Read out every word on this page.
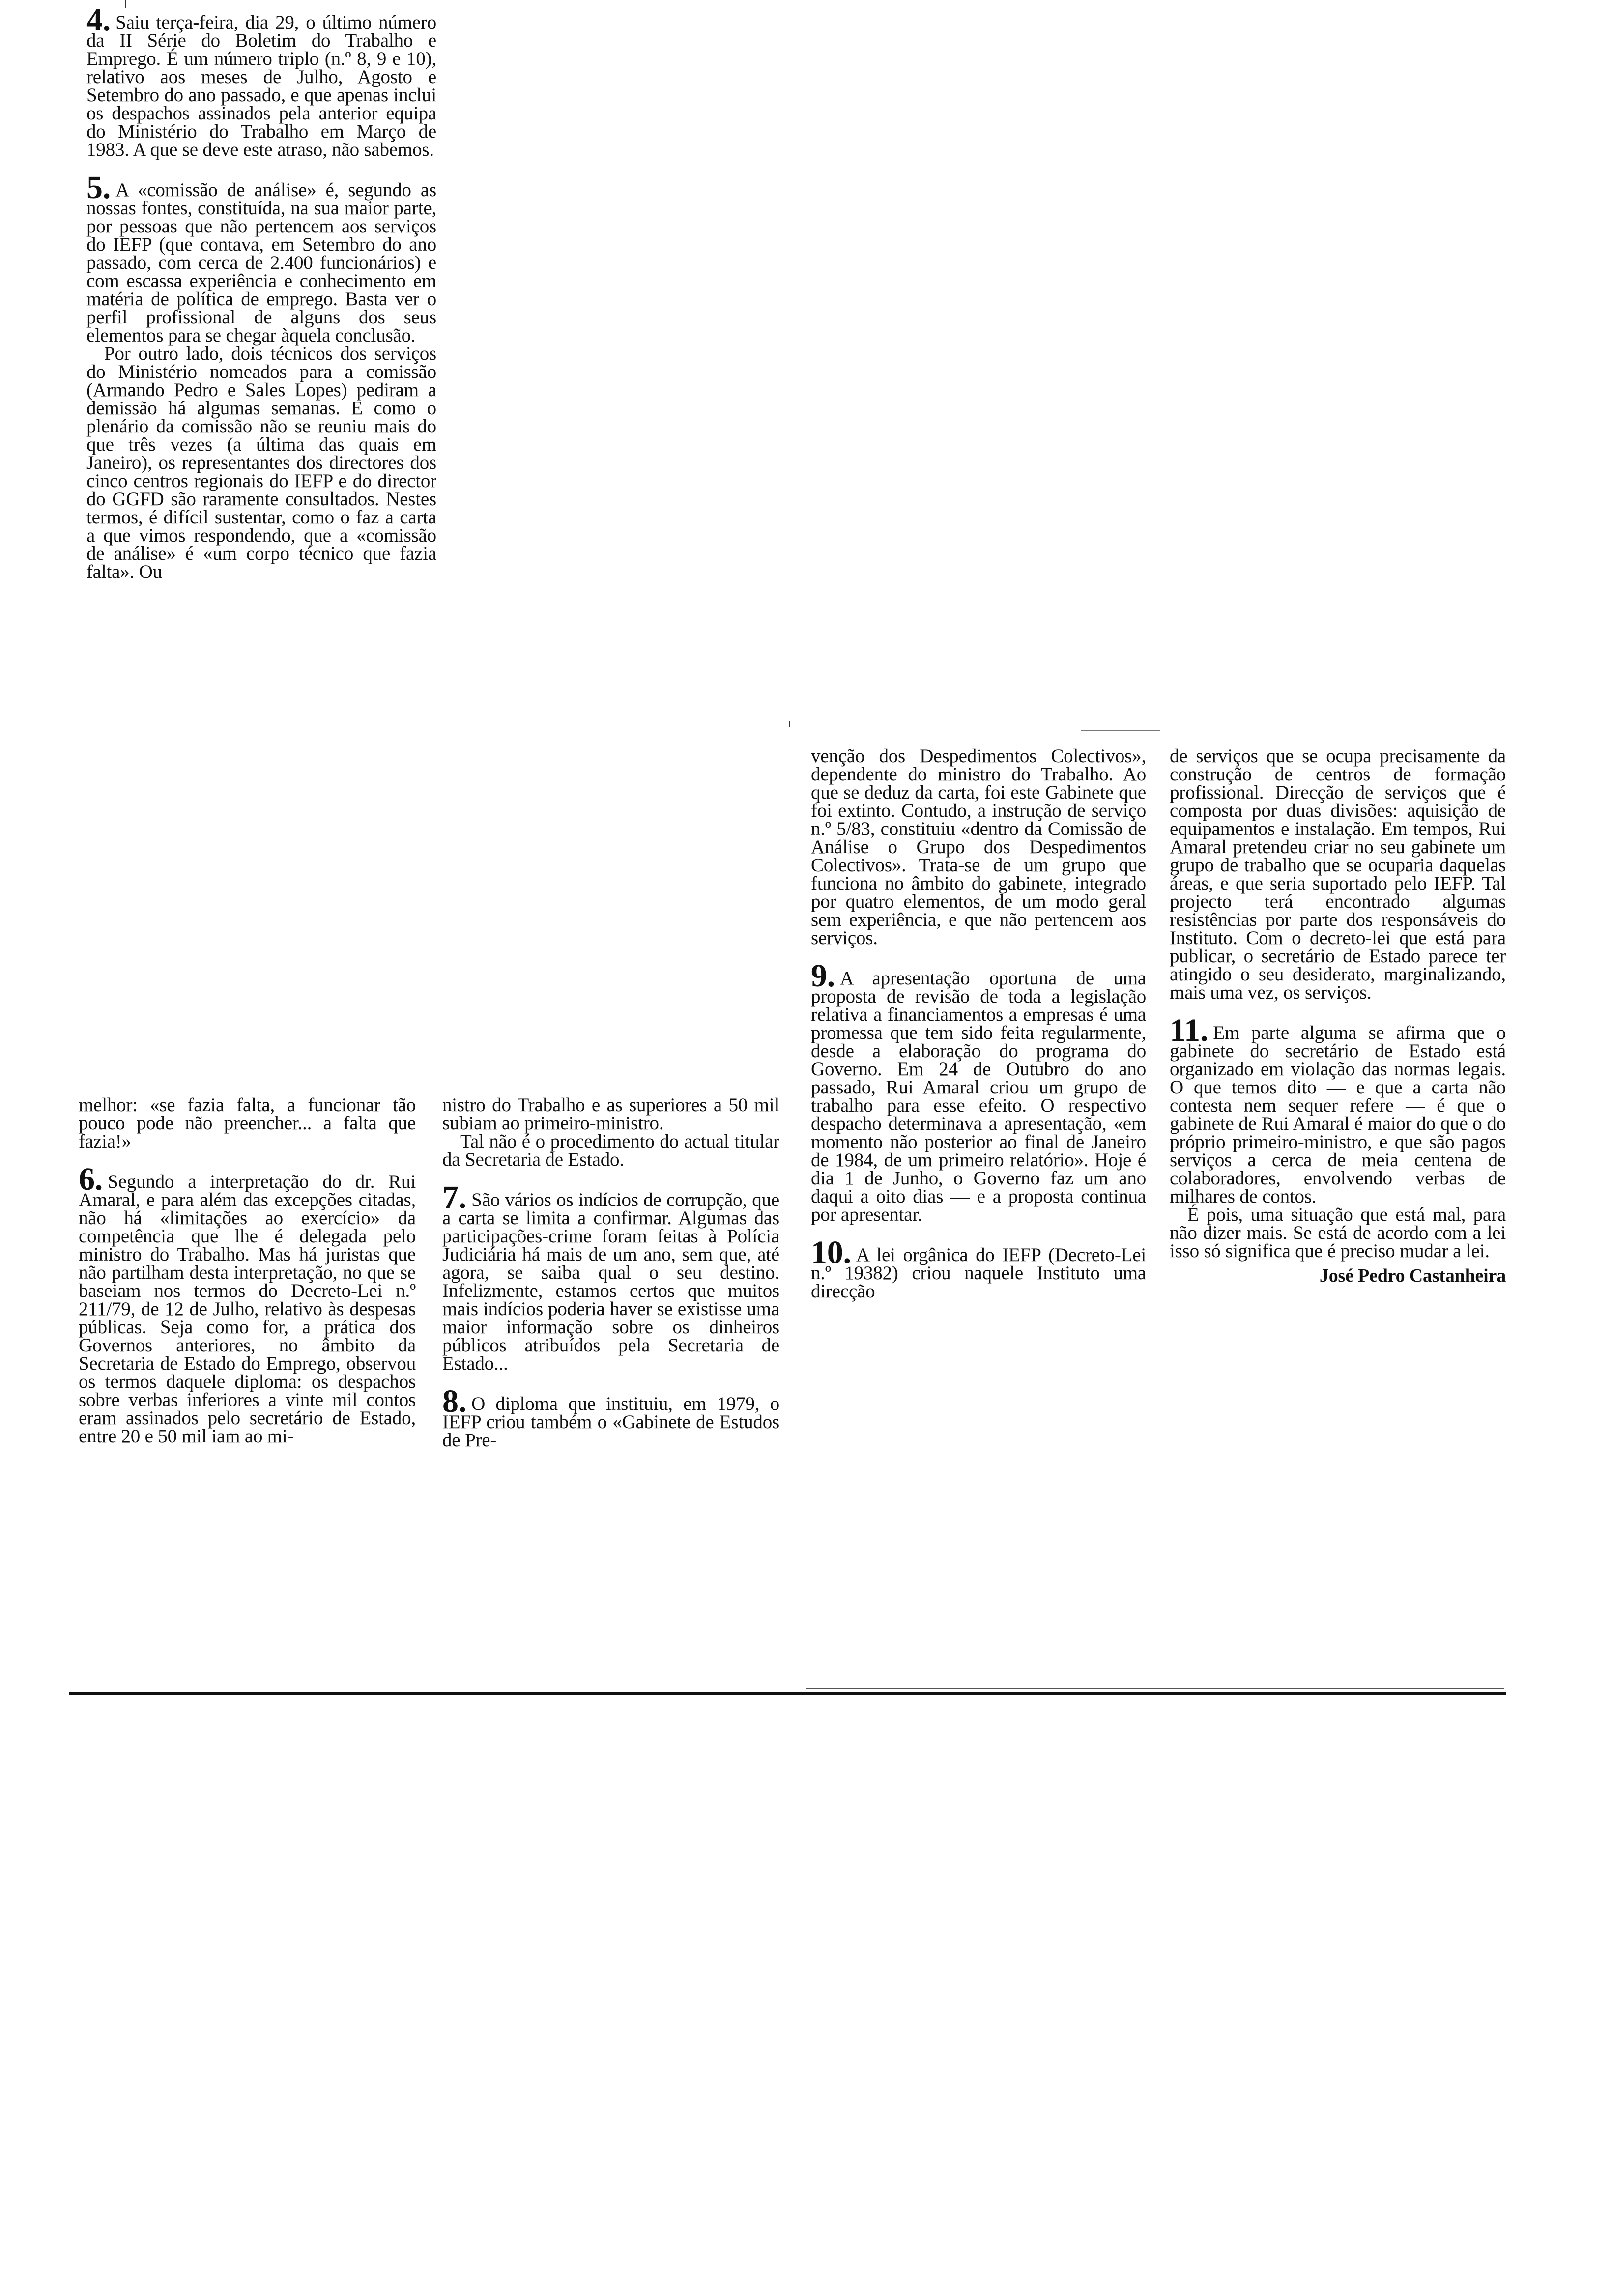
4. Saiu terça-feira, dia 29, o último número da II Série do Boletim do Trabalho e Emprego. É um número triplo (n.º 8, 9 e 10), relativo aos meses de Julho, Agosto e Setembro do ano passado, e que apenas inclui os despachos assinados pela anterior equipa do Ministério do Trabalho em Março de 1983. A que se deve este atraso, não sabemos.

5. A «comissão de análise» é, segundo as nossas fontes, constituída, na sua maior parte, por pessoas que não pertencem aos serviços do IEFP (que contava, em Setembro do ano passado, com cerca de 2.400 funcionários) e com escassa experiência e conhecimento em matéria de política de emprego. Basta ver o perfil profissional de alguns dos seus elementos para se chegar àquela conclusão.

Por outro lado, dois técnicos dos serviços do Ministério nomeados para a comissão (Armando Pedro e Sales Lopes) pediram a demissão há algumas semanas. E como o plenário da comissão não se reuniu mais do que três vezes (a última das quais em Janeiro), os representantes dos directores dos cinco centros regionais do IEFP e do director do GGFD são raramente consultados. Nestes termos, é difícil sustentar, como o faz a carta a que vimos respondendo, que a «comissão de análise» é «um corpo técnico que fazia falta». Ou

melhor: «se fazia falta, a funcionar tão pouco pode não preencher... a falta que fazia!»

6. Segundo a interpretação do dr. Rui Amaral, e para além das excepções citadas, não há «limitações ao exercício» da competência que lhe é delegada pelo ministro do Trabalho. Mas há juristas que não partilham desta interpretação, no que se baseiam nos termos do Decreto-Lei n.º 211/79, de 12 de Julho, relativo às despesas públicas. Seja como for, a prática dos Governos anteriores, no âmbito da Secretaria de Estado do Emprego, observou os termos daquele diploma: os despachos sobre verbas inferiores a vinte mil contos eram assinados pelo secretário de Estado, entre 20 e 50 mil iam ao mi-

nistro do Trabalho e as superiores a 50 mil subiam ao primeiro-ministro.

Tal não é o procedimento do actual titular da Secretaria de Estado.

7. São vários os indícios de corrupção, que a carta se limita a confirmar. Algumas das participações-crime foram feitas à Polícia Judiciária há mais de um ano, sem que, até agora, se saiba qual o seu destino. Infelizmente, estamos certos que muitos mais indícios poderia haver se existisse uma maior informação sobre os dinheiros públicos atribuídos pela Secretaria de Estado...
8. O diploma que instituiu, em 1979, o IEFP criou também o «Gabinete de Estudos de Pre-

venção dos Despedimentos Colectivos», dependente do ministro do Trabalho. Ao que se deduz da carta, foi este Gabinete que foi extinto. Contudo, a instrução de serviço n.º 5/83, constituiu «dentro da Comissão de Análise o Grupo dos Despedimentos Colectivos». Trata-se de um grupo que funciona no âmbito do gabinete, integrado por quatro elementos, de um modo geral sem experiência, e que não pertencem aos serviços.

9. A apresentação oportuna de uma proposta de revisão de toda a legislação relativa a financiamentos a empresas é uma promessa que tem sido feita regularmente, desde a elaboração do programa do Governo. Em 24 de Outubro do ano passado, Rui Amaral criou um grupo de trabalho para esse efeito. O respectivo despacho determinava a apresentação, «em momento não posterior ao final de Janeiro de 1984, de um primeiro relatório». Hoje é dia 1 de Junho, o Governo faz um ano daqui a oito dias — e a proposta continua por apresentar.
10. A lei orgânica do IEFP (Decreto-Lei n.º 19382) criou naquele Instituto uma direcção

de serviços que se ocupa precisamente da construção de centros de formação profissional. Direcção de serviços que é composta por duas divisões: aquisição de equipamentos e instalação. Em tempos, Rui Amaral pretendeu criar no seu gabinete um grupo de trabalho que se ocuparia daquelas áreas, e que seria suportado pelo IEFP. Tal projecto terá encontrado algumas resistências por parte dos responsáveis do Instituto. Com o decreto-lei que está para publicar, o secretário de Estado parece ter atingido o seu desiderato, marginalizando, mais uma vez, os serviços.

11. Em parte alguma se afirma que o gabinete do secretário de Estado está organizado em violação das normas legais. O que temos dito — e que a carta não contesta nem sequer refere — é que o gabinete de Rui Amaral é maior do que o do próprio primeiro-ministro, e que são pagos serviços a cerca de meia centena de colaboradores, envolvendo verbas de milhares de contos.

É pois, uma situação que está mal, para não dizer mais. Se está de acordo com a lei isso só significa que é preciso mudar a lei.

José Pedro Castanheira
